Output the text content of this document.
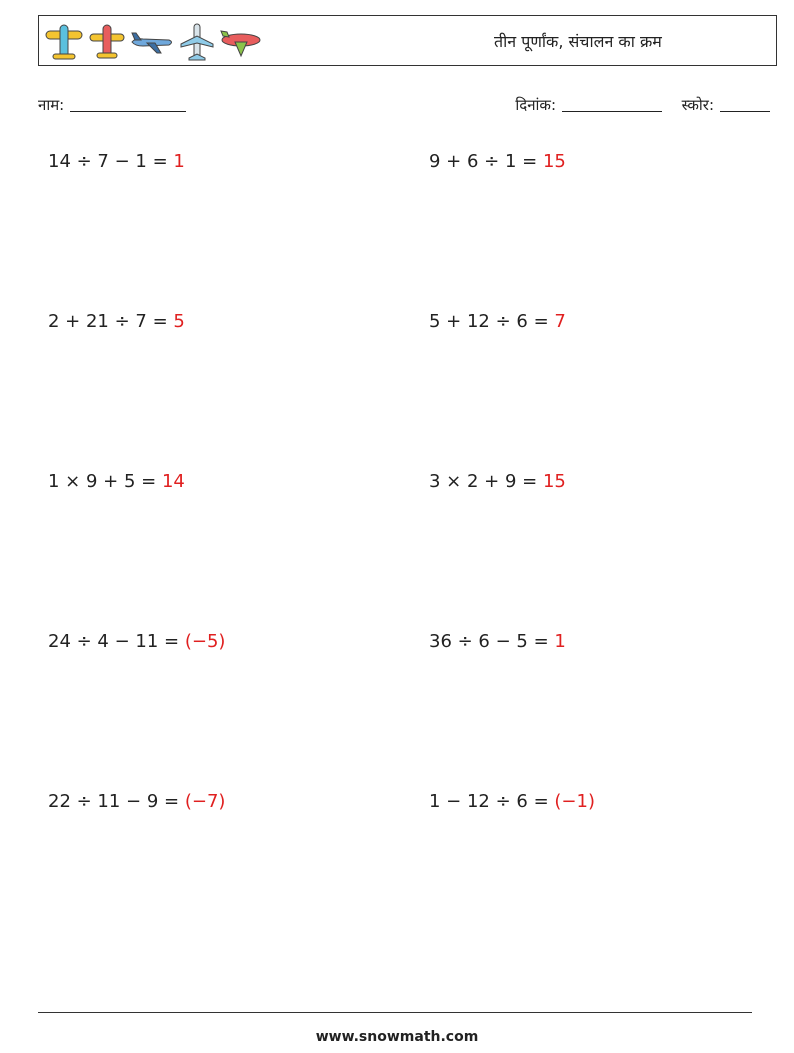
तीन पूर्णांक, संचालन का क्रम
नाम:	दिनांक:	स्कोर:
14 ÷ 7 − 1 = 1	9 + 6 ÷ 1 = 15
2 + 21 ÷ 7 = 5	5 + 12 ÷ 6 = 7
1 × 9 + 5 = 14	3 × 2 + 9 = 15
24 ÷ 4 − 11 = (−5)	36 ÷ 6 − 5 = 1
22 ÷ 11 − 9 = (−7)	1 − 12 ÷ 6 = (−1)
www.snowmath.com
